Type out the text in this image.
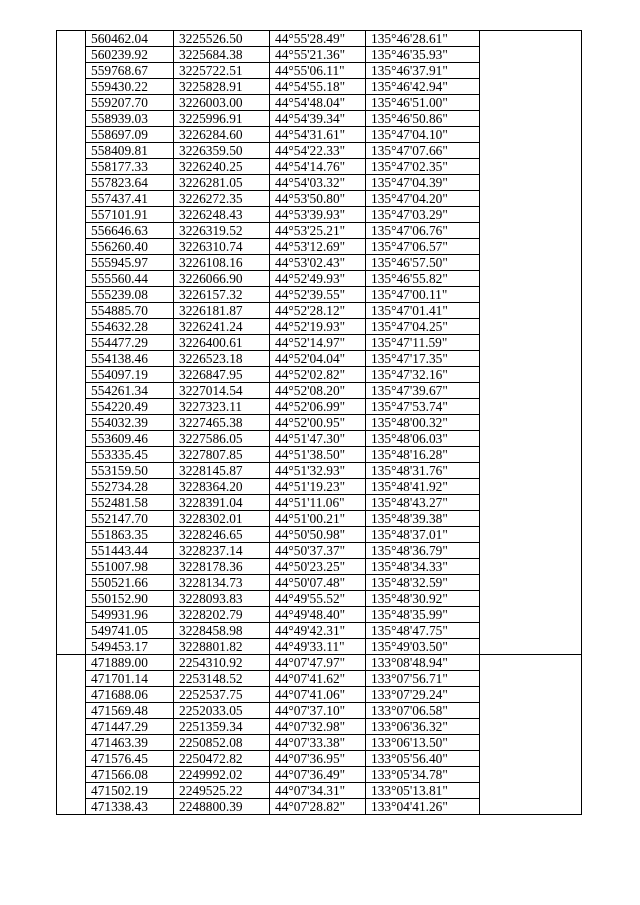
	560462.04	3225526.50	44°55'28.49"	135°46'28.61"	
	560239.92	3225684.38	44°55'21.36"	135°46'35.93"	
	559768.67	3225722.51	44°55'06.11"	135°46'37.91"	
	559430.22	3225828.91	44°54'55.18"	135°46'42.94"	
	559207.70	3226003.00	44°54'48.04"	135°46'51.00"	
	558939.03	3225996.91	44°54'39.34"	135°46'50.86"	
	558697.09	3226284.60	44°54'31.61"	135°47'04.10"	
	558409.81	3226359.50	44°54'22.33"	135°47'07.66"	
	558177.33	3226240.25	44°54'14.76"	135°47'02.35"	
	557823.64	3226281.05	44°54'03.32"	135°47'04.39"	
	557437.41	3226272.35	44°53'50.80"	135°47'04.20"	
	557101.91	3226248.43	44°53'39.93"	135°47'03.29"	
	556646.63	3226319.52	44°53'25.21"	135°47'06.76"	
	556260.40	3226310.74	44°53'12.69"	135°47'06.57"	
	555945.97	3226108.16	44°53'02.43"	135°46'57.50"	
	555560.44	3226066.90	44°52'49.93"	135°46'55.82"	
	555239.08	3226157.32	44°52'39.55"	135°47'00.11"	
	554885.70	3226181.87	44°52'28.12"	135°47'01.41"	
	554632.28	3226241.24	44°52'19.93"	135°47'04.25"	
	554477.29	3226400.61	44°52'14.97"	135°47'11.59"	
	554138.46	3226523.18	44°52'04.04"	135°47'17.35"	
	554097.19	3226847.95	44°52'02.82"	135°47'32.16"	
	554261.34	3227014.54	44°52'08.20"	135°47'39.67"	
	554220.49	3227323.11	44°52'06.99"	135°47'53.74"	
	554032.39	3227465.38	44°52'00.95"	135°48'00.32"	
	553609.46	3227586.05	44°51'47.30"	135°48'06.03"	
	553335.45	3227807.85	44°51'38.50"	135°48'16.28"	
	553159.50	3228145.87	44°51'32.93"	135°48'31.76"	
	552734.28	3228364.20	44°51'19.23"	135°48'41.92"	
	552481.58	3228391.04	44°51'11.06"	135°48'43.27"	
	552147.70	3228302.01	44°51'00.21"	135°48'39.38"	
	551863.35	3228246.65	44°50'50.98"	135°48'37.01"	
	551443.44	3228237.14	44°50'37.37"	135°48'36.79"	
	551007.98	3228178.36	44°50'23.25"	135°48'34.33"	
	550521.66	3228134.73	44°50'07.48"	135°48'32.59"	
	550152.90	3228093.83	44°49'55.52"	135°48'30.92"	
	549931.96	3228202.79	44°49'48.40"	135°48'35.99"	
	549741.05	3228458.98	44°49'42.31"	135°48'47.75"	
	549453.17	3228801.82	44°49'33.11"	135°49'03.50"	
	471889.00	2254310.92	44°07'47.97"	133°08'48.94"	
	471701.14	2253148.52	44°07'41.62"	133°07'56.71"	
	471688.06	2252537.75	44°07'41.06"	133°07'29.24"	
	471569.48	2252033.05	44°07'37.10"	133°07'06.58"	
	471447.29	2251359.34	44°07'32.98"	133°06'36.32"	
	471463.39	2250852.08	44°07'33.38"	133°06'13.50"	
	471576.45	2250472.82	44°07'36.95"	133°05'56.40"	
	471566.08	2249992.02	44°07'36.49"	133°05'34.78"	
	471502.19	2249525.22	44°07'34.31"	133°05'13.81"	
	471338.43	2248800.39	44°07'28.82"	133°04'41.26"	
